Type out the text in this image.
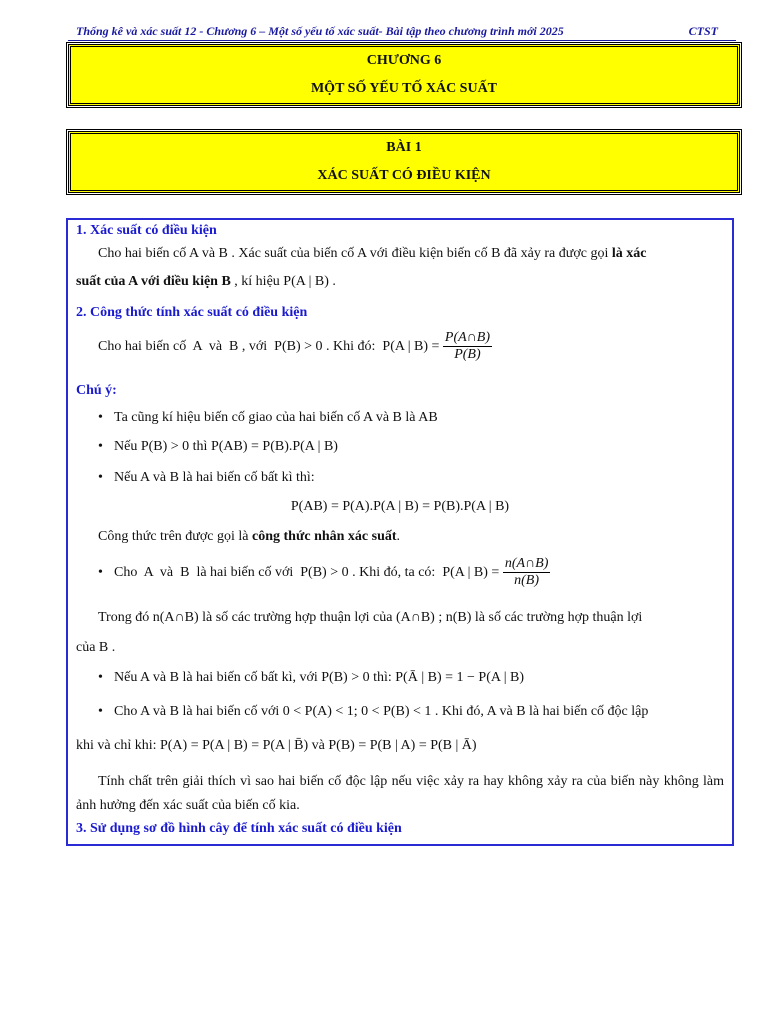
Thống kê và xác suất 12 - Chương 6 – Một số yếu tố xác suất- Bài tập theo chương trình mới 2025	CTST
CHƯƠNG 6
MỘT SỐ YẾU TỐ XÁC SUẤT
BÀI 1
XÁC SUẤT CÓ ĐIỀU KIỆN
1. Xác suất có điều kiện
Cho hai biến cố A và B . Xác suất của biến cố A với điều kiện biến cố B đã xảy ra được gọi là xác
suất của A với điều kiện B , kí hiệu P(A | B) .
2. Công thức tính xác suất có điều kiện
Cho hai biến cố  A  và  B , với  P(B) > 0 . Khi đó:  P(A | $B) = \frac{P(A\cap B)}{P(B)}$
Chú ý:
• Ta cũng kí hiệu biến cố giao của hai biến cố A và B là AB
• Nếu P(B) > 0 thì P(AB) = P(B).P(A | B)
• Nếu A và B là hai biến cố bất kì thì:
P(AB) = P(A).P(A | B) = P(B).P(A | B)
Công thức trên được gọi là công thức nhân xác suất.
• Cho  A  và  B  là hai biến cố với  P(B) > 0 . Khi đó, ta có:  P(A | $B) = \frac{n(A\cap B)}{n(B)}$
Trong đó n(A∩B) là số các trường hợp thuận lợi của (A∩B) ; n(B) là số các trường hợp thuận lợi
của B .
• Nếu A và B là hai biến cố bất kì, với P(B) > 0 thì: P(Ā | B) = 1 − P(A | B)
• Cho A và B là hai biến cố với 0 < P(A) < 1; 0 < P(B) < 1 . Khi đó, A và B là hai biến cố độc lập
khi và chỉ khi: P(A) = P(A | B) = P(A | B̄) và P(B) = P(B | A) = P(B | Ā)
Tính chất trên giải thích vì sao hai biến cố độc lập nếu việc xảy ra hay không xảy ra của biến này không làm ảnh hưởng đến xác suất của biến cố kia.
3. Sử dụng sơ đồ hình cây để tính xác suất có điều kiện
